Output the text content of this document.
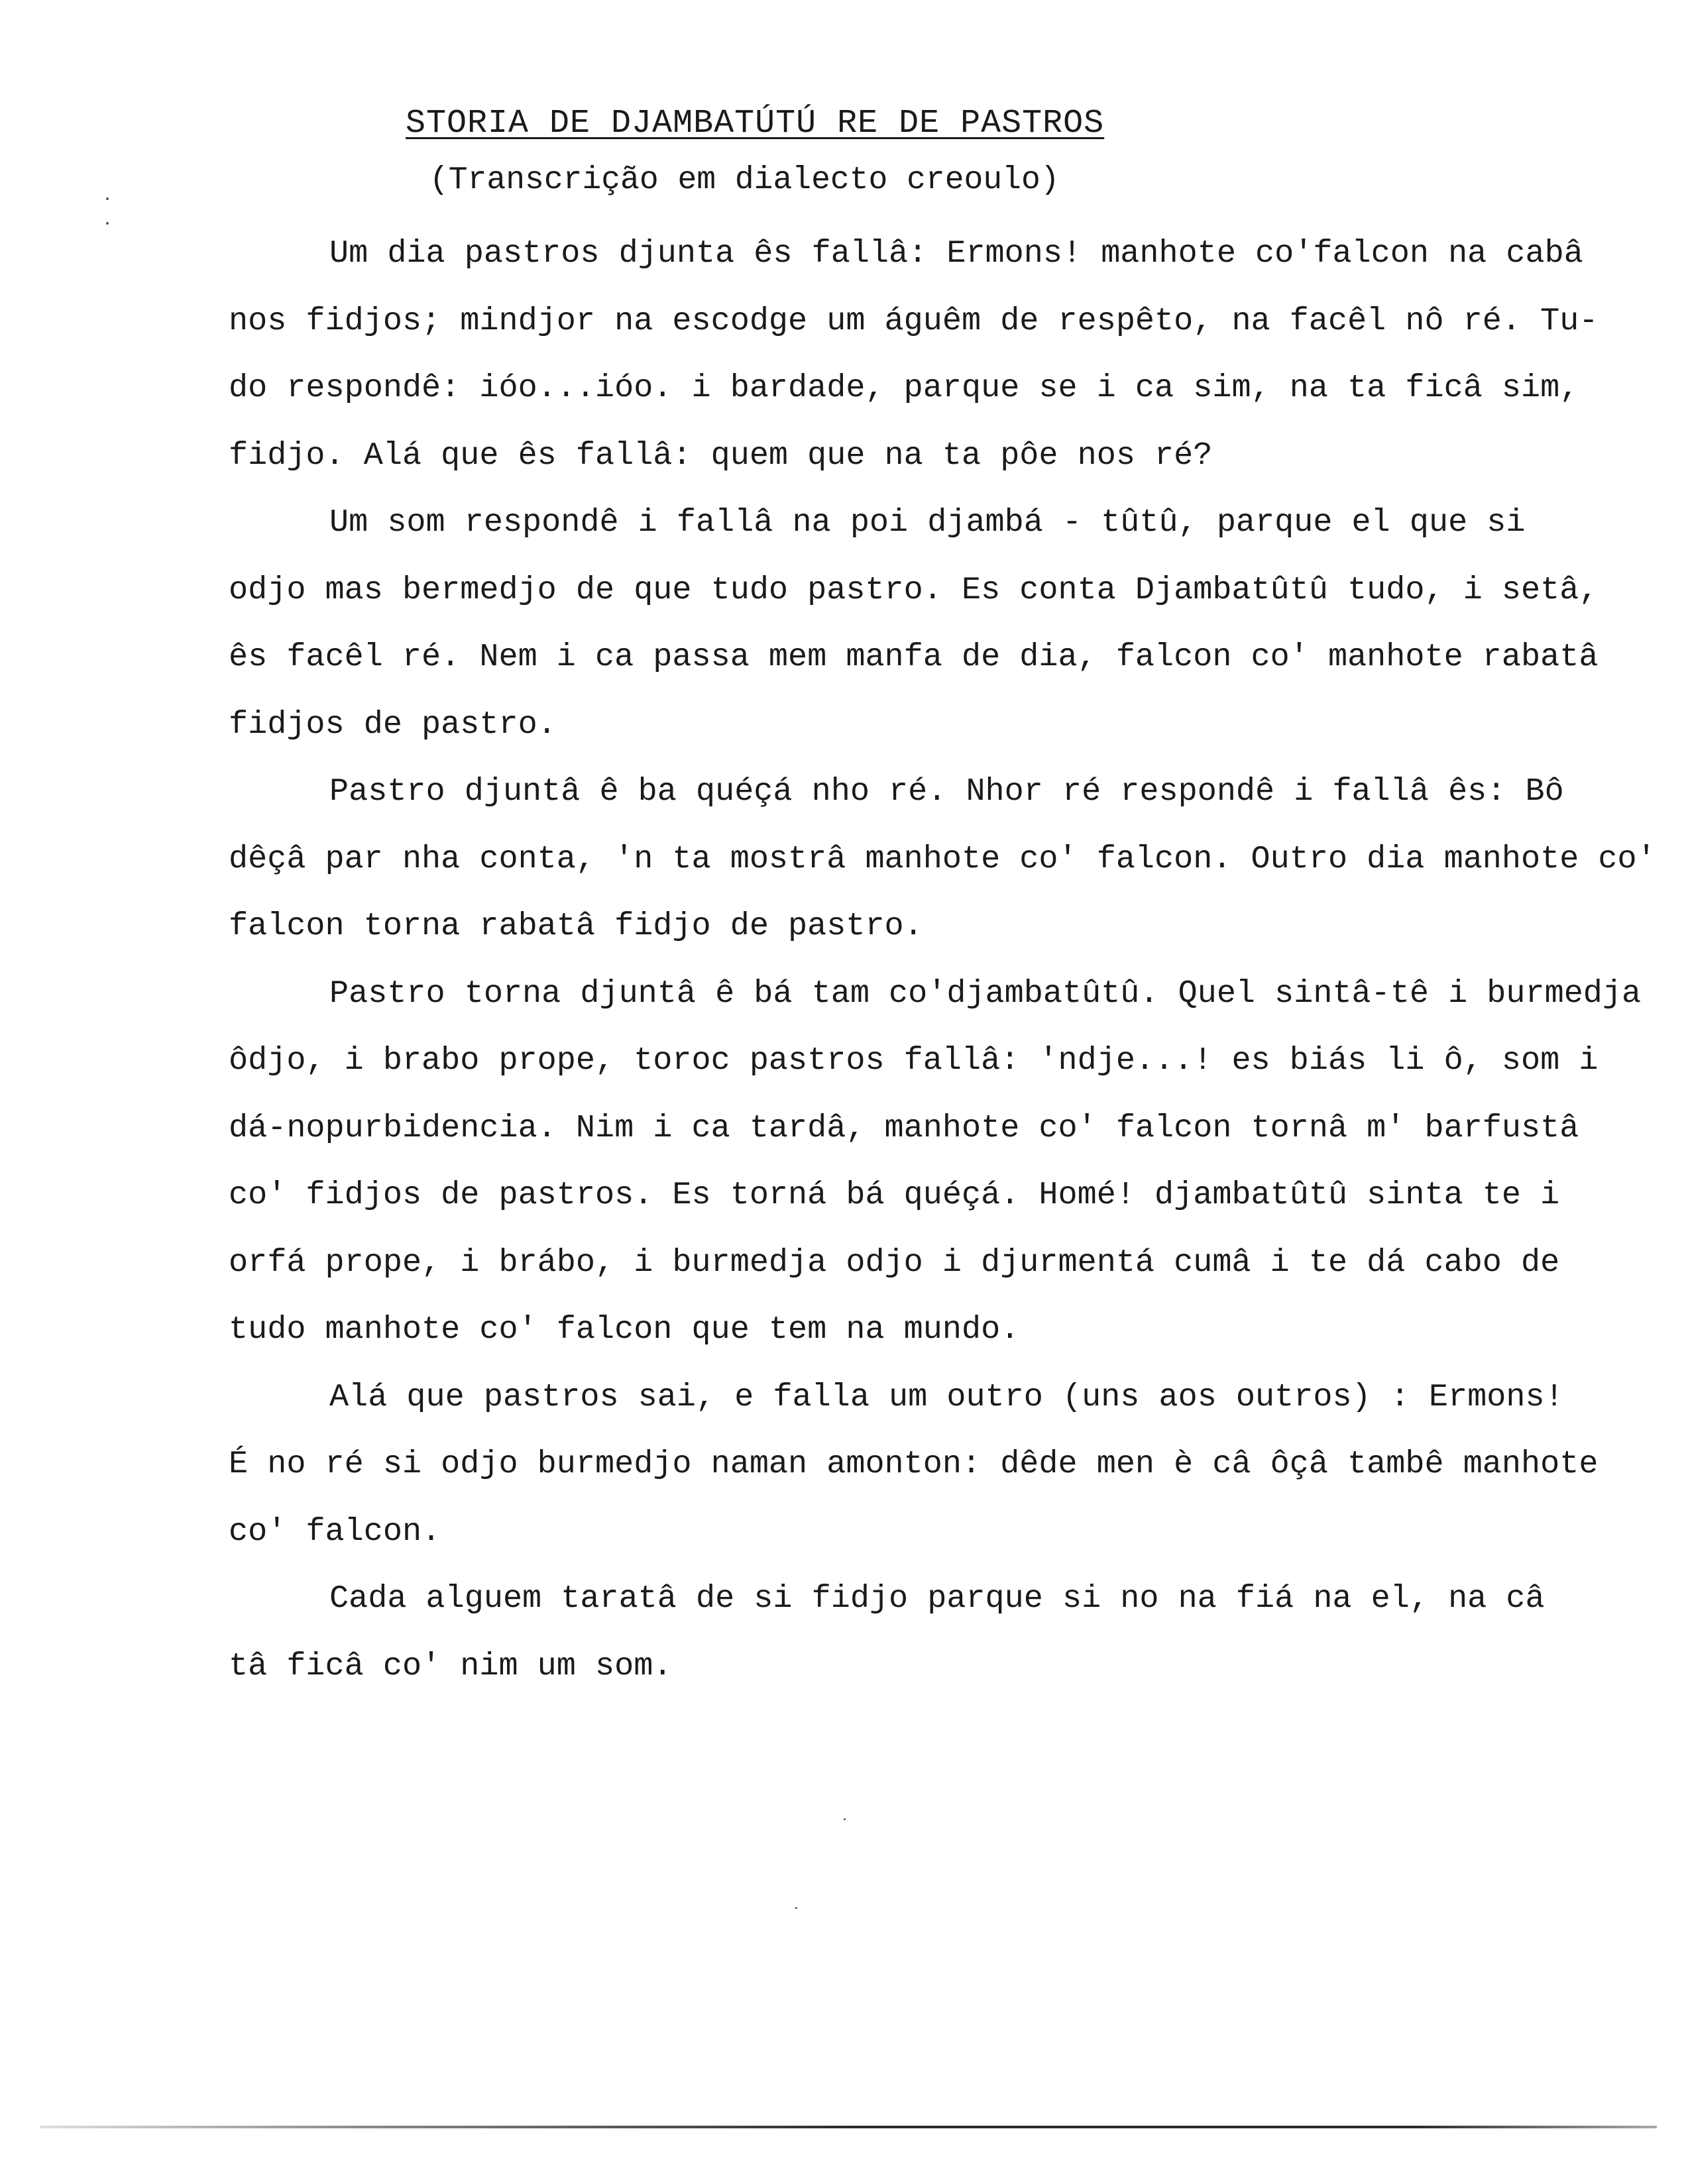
STORIA DE DJAMBATÚTÚ RE DE PASTROS
(Transcrição em dialecto creoulo)
Um dia pastros djunta ês fallâ: Ermons! manhote co'falcon na cabâ
nos fidjos; mindjor na escodge um águêm de respêto, na facêl nô ré. Tu-
do respondê: ióo...ióo. i bardade, parque se i ca sim, na ta ficâ sim,
fidjo. Alá que ês fallâ: quem que na ta pôe nos ré?
Um som respondê i fallâ na poi djambá - tûtû, parque el que si
odjo mas bermedjo de que tudo pastro. Es conta Djambatûtû tudo, i setâ,
ês facêl ré. Nem i ca passa mem manfa de dia, falcon co' manhote rabatâ
fidjos de pastro.
Pastro djuntâ ê ba quéçá nho ré. Nhor ré respondê i fallâ ês: Bô
dêçâ par nha conta, 'n ta mostrâ manhote co' falcon. Outro dia manhote co'
falcon torna rabatâ fidjo de pastro.
Pastro torna djuntâ ê bá tam co'djambatûtû. Quel sintâ-tê i burmedja
ôdjo, i brabo prope, toroc pastros fallâ: 'ndje...! es biás li ô, som i
dá-nopurbidencia. Nim i ca tardâ, manhote co' falcon tornâ m' barfustâ
co' fidjos de pastros. Es torná bá quéçá. Homé! djambatûtû sinta te i
orfá prope, i brábo, i burmedja odjo i djurmentá cumâ i te dá cabo de
tudo manhote co' falcon que tem na mundo.
Alá que pastros sai, e falla um outro (uns aos outros) : Ermons!
É no ré si odjo burmedjo naman amonton: dêde men è câ ôçâ tambê manhote
co' falcon.
Cada alguem taratâ de si fidjo parque si no na fiá na el, na câ
tâ ficâ co' nim um som.
